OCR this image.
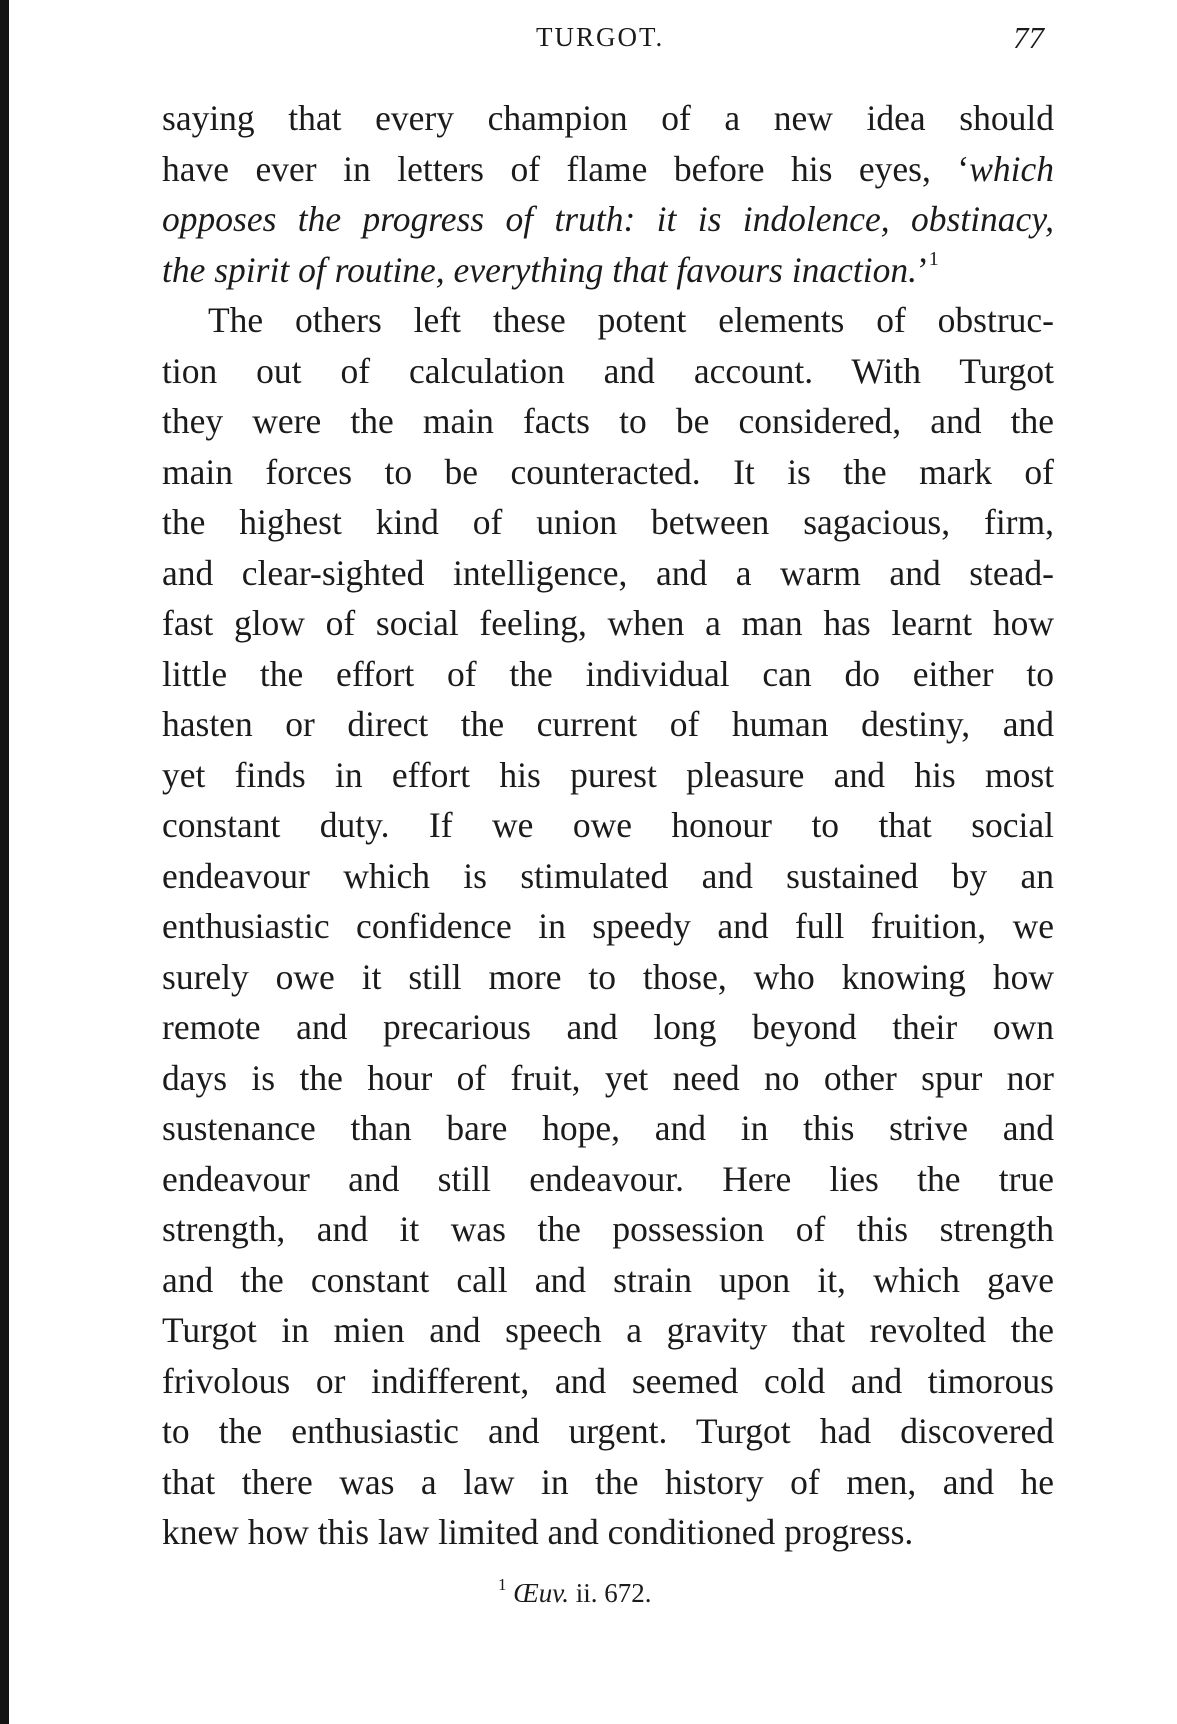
TURGOT.	77
saying that every champion of a new idea should
have ever in letters of flame before his eyes, ‘which
opposes the progress of truth: it is indolence, obstinacy,
the spirit of routine, everything that favours inaction.’$^1$
The others left these potent elements of obstruc-
tion out of calculation and account. With Turgot
they were the main facts to be considered, and the
main forces to be counteracted. It is the mark of
the highest kind of union between sagacious, firm,
and clear-sighted intelligence, and a warm and stead-
fast glow of social feeling, when a man has learnt how
little the effort of the individual can do either to
hasten or direct the current of human destiny, and
yet finds in effort his purest pleasure and his most
constant duty. If we owe honour to that social
endeavour which is stimulated and sustained by an
enthusiastic confidence in speedy and full fruition, we
surely owe it still more to those, who knowing how
remote and precarious and long beyond their own
days is the hour of fruit, yet need no other spur nor
sustenance than bare hope, and in this strive and
endeavour and still endeavour. Here lies the true
strength, and it was the possession of this strength
and the constant call and strain upon it, which gave
Turgot in mien and speech a gravity that revolted the
frivolous or indifferent, and seemed cold and timorous
to the enthusiastic and urgent. Turgot had discovered
that there was a law in the history of men, and he
knew how this law limited and conditioned progress.
$^1$ Œuv. ii. 672.
